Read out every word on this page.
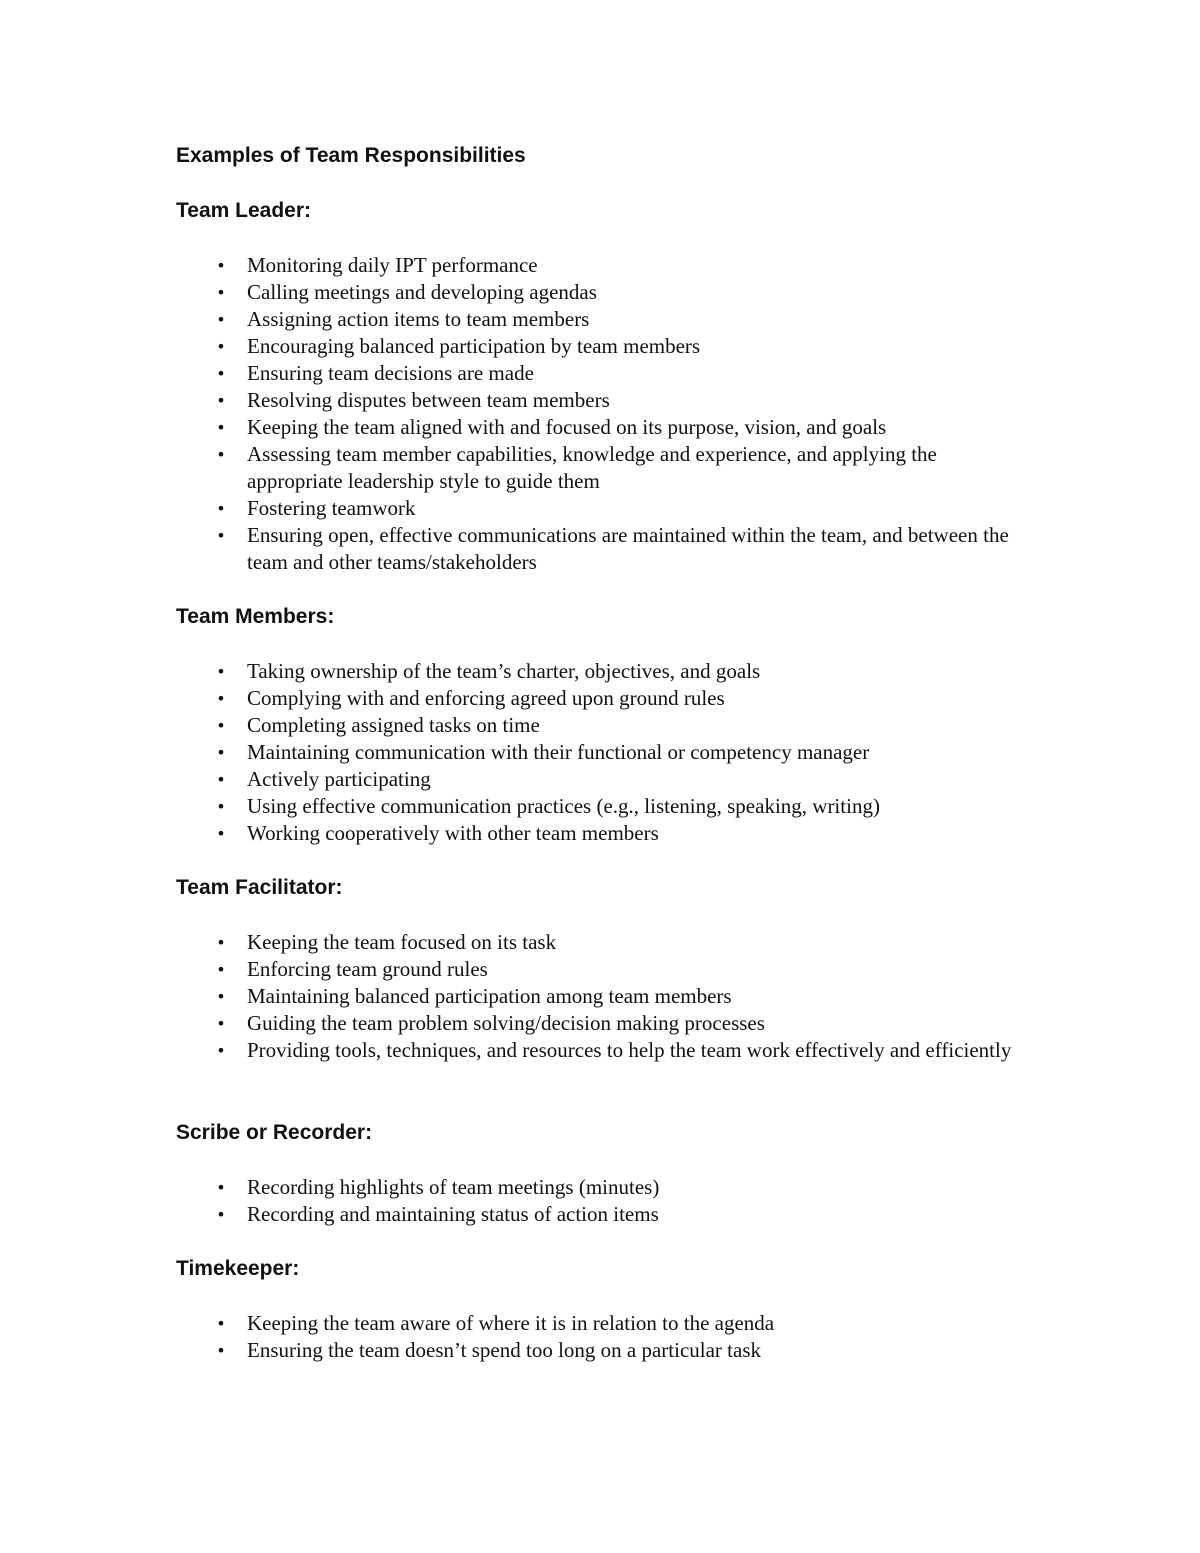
Examples of Team Responsibilities
Team Leader:
• Monitoring daily IPT performance
• Calling meetings and developing agendas
• Assigning action items to team members
• Encouraging balanced participation by team members
• Ensuring team decisions are made
• Resolving disputes between team members
• Keeping the team aligned with and focused on its purpose, vision, and goals
• Assessing team member capabilities, knowledge and experience, and applying the appropriate leadership style to guide them
• Fostering teamwork
• Ensuring open, effective communications are maintained within the team, and between the team and other teams/stakeholders
Team Members:
• Taking ownership of the team’s charter, objectives, and goals
• Complying with and enforcing agreed upon ground rules
• Completing assigned tasks on time
• Maintaining communication with their functional or competency manager
• Actively participating
• Using effective communication practices (e.g., listening, speaking, writing)
• Working cooperatively with other team members
Team Facilitator:
• Keeping the team focused on its task
• Enforcing team ground rules
• Maintaining balanced participation among team members
• Guiding the team problem solving/decision making processes
• Providing tools, techniques, and resources to help the team work effectively and efficiently
Scribe or Recorder:
• Recording highlights of team meetings (minutes)
• Recording and maintaining status of action items
Timekeeper:
• Keeping the team aware of where it is in relation to the agenda
• Ensuring the team doesn’t spend too long on a particular task
